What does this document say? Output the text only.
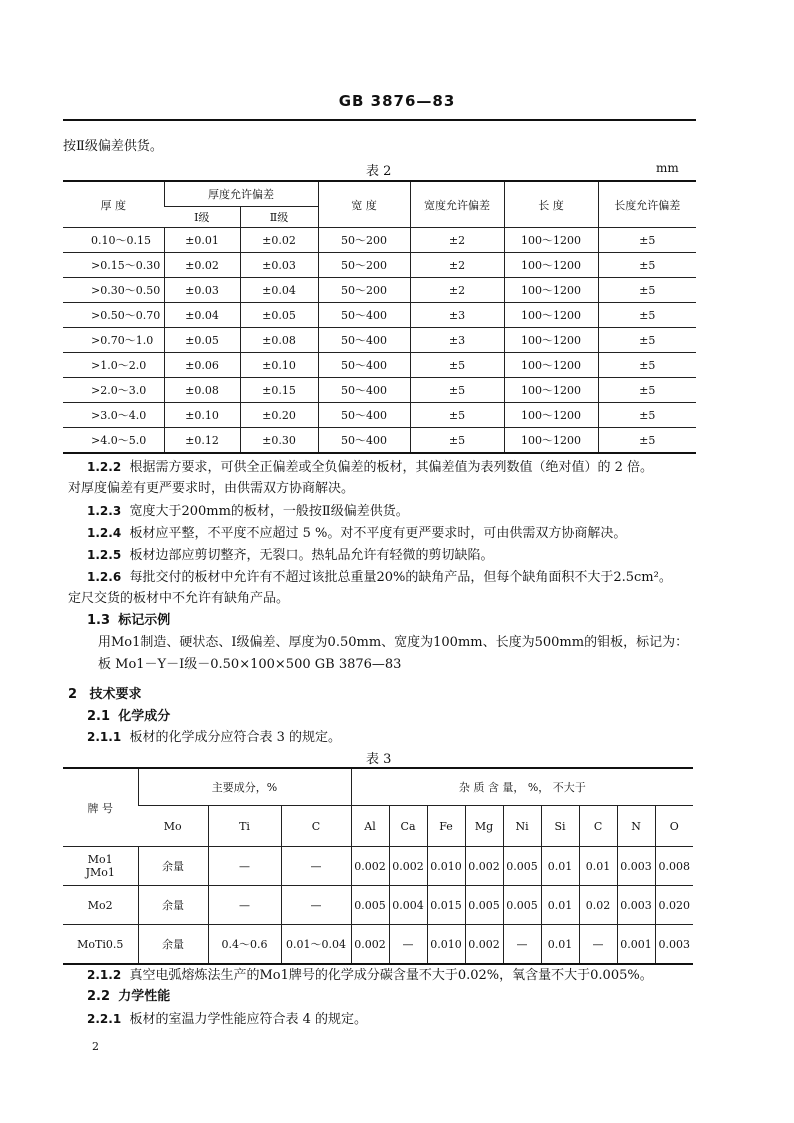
GB 3876—83
按Ⅱ级偏差供货。
表 2	mm
厚 度	厚度允许偏差		宽 度	宽度允许偏差	长 度	长度允许偏差
	Ⅰ级	Ⅱ级				
0.10～0.15	±0.01	±0.02	50～200	±2	100～1200	±5
>0.15～0.30	±0.02	±0.03	50～200	±2	100～1200	±5
>0.30～0.50	±0.03	±0.04	50～200	±2	100～1200	±5
>0.50～0.70	±0.04	±0.05	50～400	±3	100～1200	±5
>0.70～1.0	±0.05	±0.08	50～400	±3	100～1200	±5
>1.0～2.0	±0.06	±0.10	50～400	±5	100～1200	±5
>2.0～3.0	±0.08	±0.15	50～400	±5	100～1200	±5
>3.0～4.0	±0.10	±0.20	50～400	±5	100～1200	±5
>4.0～5.0	±0.12	±0.30	50～400	±5	100～1200	±5
1.2.2 根据需方要求，可供全正偏差或全负偏差的板材，其偏差值为表列数值（绝对值）的 2 倍。
对厚度偏差有更严要求时，由供需双方协商解决。
1.2.3 宽度大于200mm的板材，一般按Ⅱ级偏差供货。
1.2.4 板材应平整，不平度不应超过 5 %。对不平度有更严要求时，可由供需双方协商解决。
1.2.5 板材边部应剪切整齐，无裂口。热轧品允许有轻微的剪切缺陷。
1.2.6 每批交付的板材中允许有不超过该批总重量20%的缺角产品，但每个缺角面积不大于2.5cm²。
定尺交货的板材中不允许有缺角产品。
1.3 标记示例
用Mo1制造、硬状态、Ⅰ级偏差、厚度为0.50mm、宽度为100mm、长度为500mm的钼板，标记为：
板 Mo1－Y－Ⅰ级－0.50×100×500 GB 3876—83
2 技术要求
2.1 化学成分
2.1.1 板材的化学成分应符合表 3 的规定。
表 3
牌 号	主要成分，%			杂 质 含 量， %， 不大于								
	Mo	Ti	C	Al	Ca	Fe	Mg	Ni	Si	C	N	O

Mo1
JMo1	余量	—	—	0.002	0.002	0.010	0.002	0.005	0.01	0.01	0.003	0.008
Mo2	余量	—	—	0.005	0.004	0.015	0.005	0.005	0.01	0.02	0.003	0.020
MoTi0.5	余量	0.4～0.6	0.01～0.04	0.002	—	0.010	0.002	—	0.01	—	0.001	0.003
2.1.2 真空电弧熔炼法生产的Mo1牌号的化学成分碳含量不大于0.02%，氧含量不大于0.005%。
2.2 力学性能
2.2.1 板材的室温力学性能应符合表 4 的规定。
2
